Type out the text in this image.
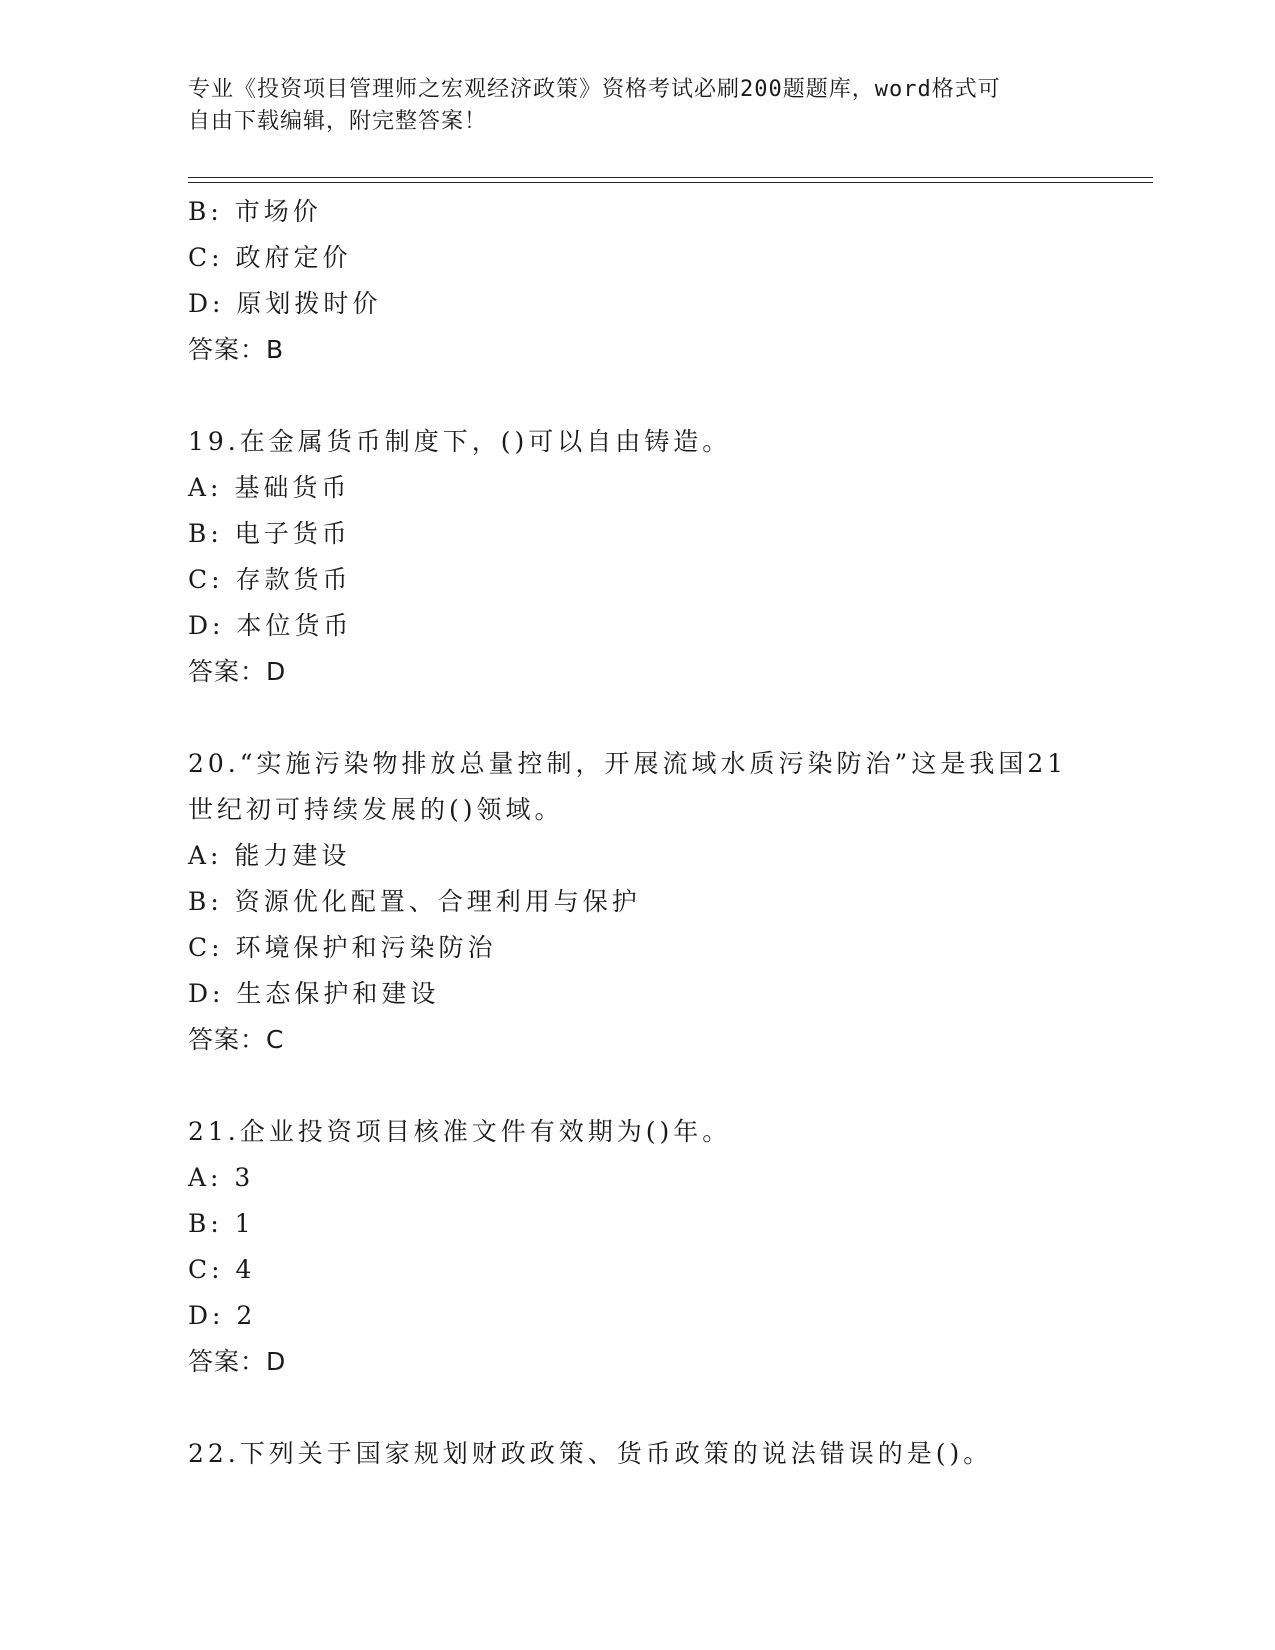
专业《投资项目管理师之宏观经济政策》资格考试必刷200题题库，word格式可
自由下载编辑，附完整答案！
B: 市场价
C: 政府定价
D: 原划拨时价
答案：B
19.在金属货币制度下，()可以自由铸造。
A: 基础货币
B: 电子货币
C: 存款货币
D: 本位货币
答案：D
20.“实施污染物排放总量控制，开展流域水质污染防治”这是我国21
世纪初可持续发展的()领域。
A: 能力建设
B: 资源优化配置、合理利用与保护
C: 环境保护和污染防治
D: 生态保护和建设
答案：C
21.企业投资项目核准文件有效期为()年。
A: 3
B: 1
C: 4
D: 2
答案：D
22.下列关于国家规划财政政策、货币政策的说法错误的是()。
